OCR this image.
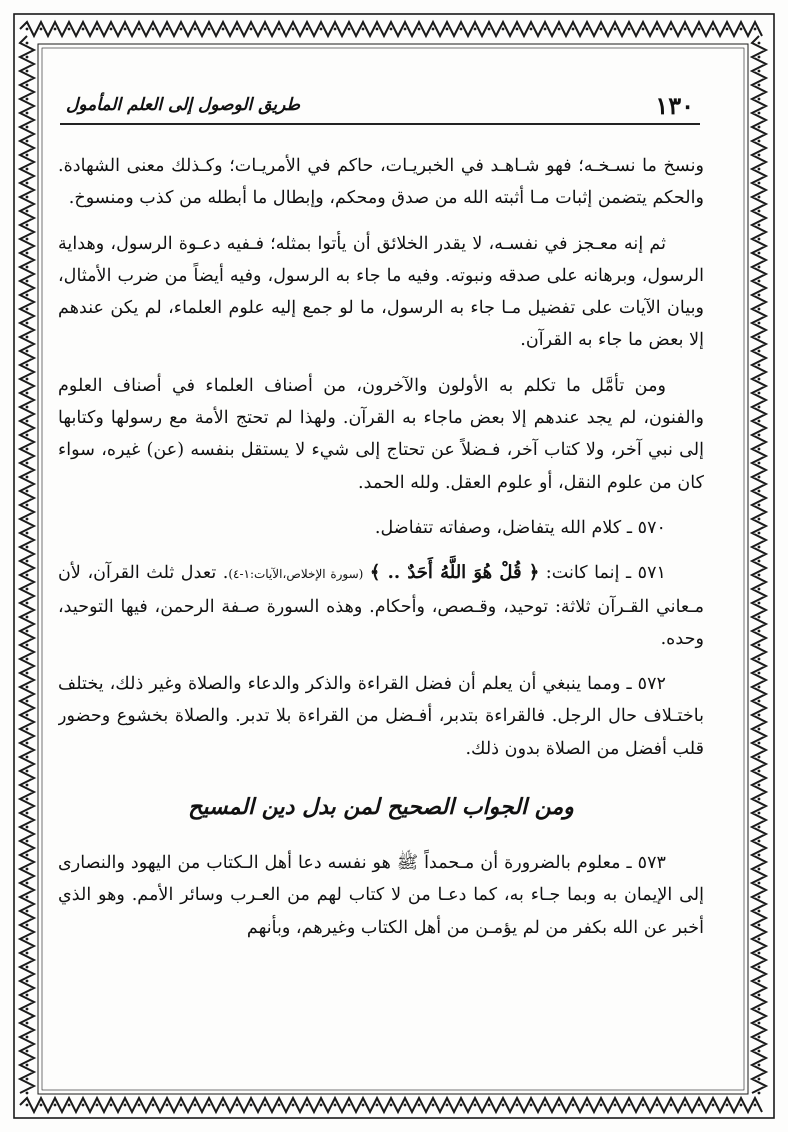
١٣٠
طريق الوصول إلى العلم المأمول

ونسخ ما نسـخـه؛ فهو شـاهـد في الخبريـات، حاكم في الأمريـات؛ وكـذلك معنى الشهادة. والحكم يتضمن إثبات مـا أثبته الله من صدق ومحكم، وإبطال ما أبطله من كذب ومنسوخ.

ثم إنه معـجز في نفسـه، لا يقدر الخلائق أن يأتوا بمثله؛ فـفيه دعـوة الرسول، وهداية الرسول، وبرهانه على صدقه ونبوته. وفيه ما جاء به الرسول، وفيه أيضاً من ضرب الأمثال، وبيان الآيات على تفضيل مـا جاء به الرسول، ما لو جمع إليه علوم العلماء، لم يكن عندهم إلا بعض ما جاء به القرآن.

ومن تأمَّل ما تكلم به الأولون والآخرون، من أصناف العلماء في أصناف العلوم والفنون، لم يجد عندهم إلا بعض ماجاء به القرآن. ولهذا لم تحتج الأمة مع رسولها وكتابها إلى نبي آخر، ولا كتاب آخر، فـضلاً عن تحتاج إلى شيء لا يستقل بنفسه (عن) غيره، سواء كان من علوم النقل، أو علوم العقل. ولله الحمد.

٥٧٠ ـ كلام الله يتفاضل، وصفاته تتفاضل.

٥٧١ ـ إنما كانت: ﴿ قُلْ هُوَ اللَّهُ أَحَدٌ .. ﴾ (سورة الإخلاص،الآيات:١-٤). تعدل ثلث القرآن، لأن مـعاني القـرآن ثلاثة: توحيد، وقـصص، وأحكام. وهذه السورة صـفة الرحمن، فيها التوحيد، وحده.

٥٧٢ ـ ومما ينبغي أن يعلم أن فضل القراءة والذكر والدعاء والصلاة وغير ذلك، يختلف باختـلاف حال الرجل. فالقراءة بتدبر، أفـضل من القراءة بلا تدبر. والصلاة بخشوع وحضور قلب أفضل من الصلاة بدون ذلك.

ومن الجواب الصحيح لمن بدل دين المسيح

٥٧٣ ـ معلوم بالضرورة أن مـحمداً ﷺ هو نفسه دعا أهل الـكتاب من اليهود والنصارى إلى الإيمان به وبما جـاء به، كما دعـا من لا كتاب لهم من العـرب وسائر الأمم. وهو الذي أخبر عن الله بكفر من لم يؤمـن من أهل الكتاب وغيرهم، وبأنهم
